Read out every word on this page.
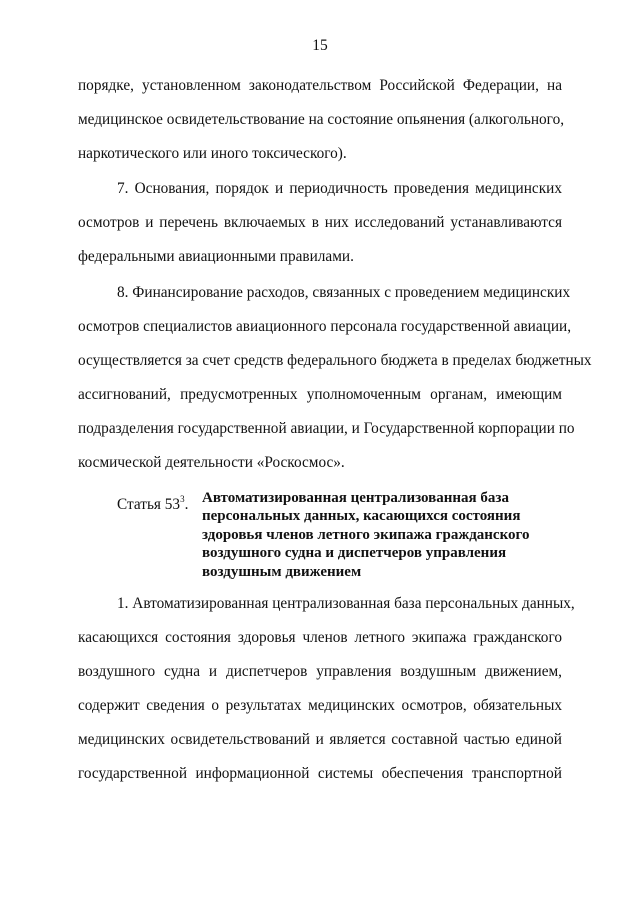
15
порядке, установленном законодательством Российской Федерации, на
медицинское освидетельствование на состояние опьянения (алкогольного,
наркотического или иного токсического).
7. Основания, порядок и периодичность проведения медицинских
осмотров и перечень включаемых в них исследований устанавливаются
федеральными авиационными правилами.
8. Финансирование расходов, связанных с проведением медицинских
осмотров специалистов авиационного персонала государственной авиации,
осуществляется за счет средств федерального бюджета в пределах бюджетных
ассигнований, предусмотренных уполномоченным органам, имеющим
подразделения государственной авиации, и Государственной корпорации по
космической деятельности «Роскосмос».
Статья $53^3$. Автоматизированная централизованная база
персональных данных, касающихся состояния
здоровья членов летного экипажа гражданского
воздушного судна и диспетчеров управления
воздушным движением
1. Автоматизированная централизованная база персональных данных,
касающихся состояния здоровья членов летного экипажа гражданского
воздушного судна и диспетчеров управления воздушным движением,
содержит сведения о результатах медицинских осмотров, обязательных
медицинских освидетельствований и является составной частью единой
государственной информационной системы обеспечения транспортной
